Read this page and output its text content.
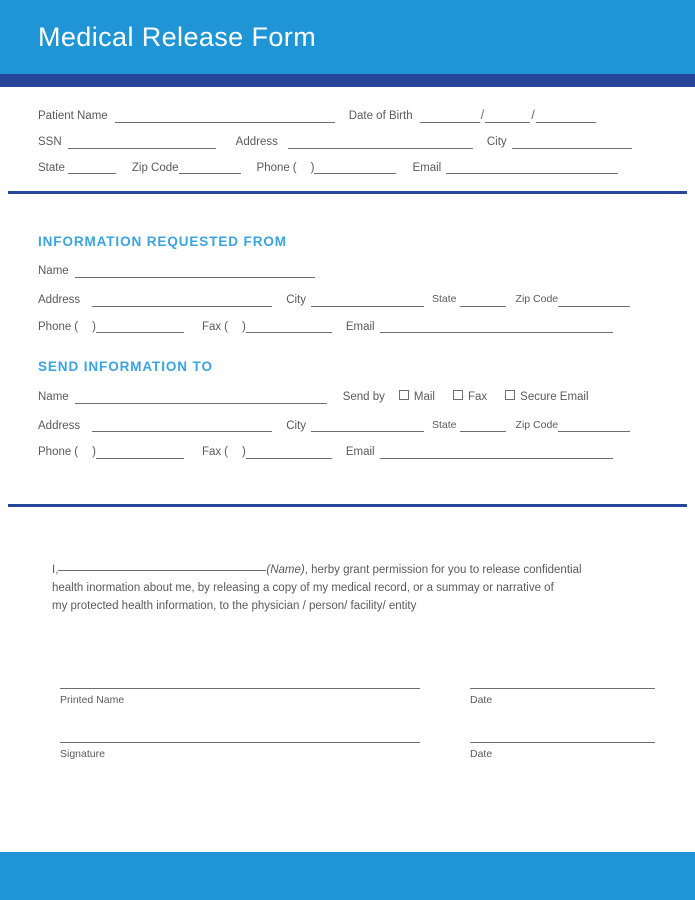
Medical Release Form
Patient Name	Date of Birth	/	/
SSN	Address	City
State	Zip Code	Phone ( )	Email
INFORMATION REQUESTED FROM
Name
Address	City	State	Zip Code
Phone ( )	Fax ( )	Email
SEND INFORMATION TO
Name	Send by	Mail	Fax	Secure Email
Address	City	State	Zip Code
Phone ( )	Fax ( )	Email
I,	(Name), herby grant permission for you to release confidential
health inormation about me, by releasing a copy of my medical record, or a summay or narrative of
my protected health information, to the physician / person/ facility/ entity
Printed Name	Date
Signature	Date
